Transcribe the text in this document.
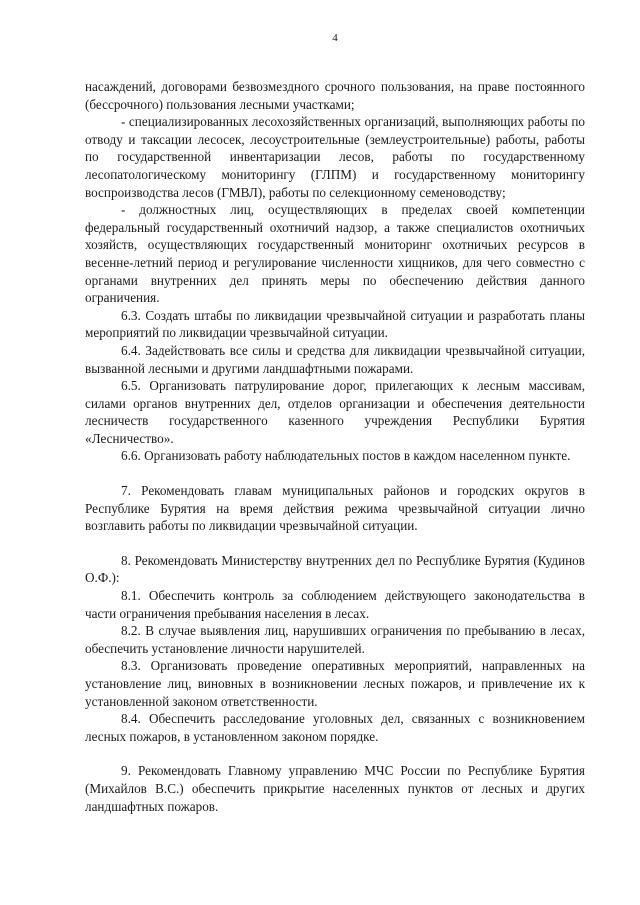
4

насаждений, договорами безвозмездного срочного пользования, на праве постоянного (бессрочного) пользования лесными участками;

- специализированных лесохозяйственных организаций, выполняющих работы по отводу и таксации лесосек, лесоустроительные (землеустроительные) работы, работы по государственной инвентаризации лесов, работы по государственному лесопатологическому мониторингу (ГЛПМ) и государственному мониторингу воспроизводства лесов (ГМВЛ), работы по селекционному семеноводству;

- должностных лиц, осуществляющих в пределах своей компетенции федеральный государственный охотничий надзор, а также специалистов охотничьих хозяйств, осуществляющих государственный мониторинг охотничьих ресурсов в весенне-летний период и регулирование численности хищников, для чего совместно с органами внутренних дел принять меры по обеспечению действия данного ограничения.

6.3. Создать штабы по ликвидации чрезвычайной ситуации и разработать планы мероприятий по ликвидации чрезвычайной ситуации.

6.4. Задействовать все силы и средства для ликвидации чрезвычайной ситуации, вызванной лесными и другими ландшафтными пожарами.

6.5. Организовать патрулирование дорог, прилегающих к лесным массивам, силами органов внутренних дел, отделов организации и обеспечения деятельности лесничеств государственного казенного учреждения Республики Бурятия «Лесничество».

6.6. Организовать работу наблюдательных постов в каждом населенном пункте.

7. Рекомендовать главам муниципальных районов и городских округов в Республике Бурятия на время действия режима чрезвычайной ситуации лично возглавить работы по ликвидации чрезвычайной ситуации.

8. Рекомендовать Министерству внутренних дел по Республике Бурятия (Кудинов О.Ф.):

8.1. Обеспечить контроль за соблюдением действующего законодательства в части ограничения пребывания населения в лесах.

8.2. В случае выявления лиц, нарушивших ограничения по пребыванию в лесах, обеспечить установление личности нарушителей.

8.3. Организовать проведение оперативных мероприятий, направленных на установление лиц, виновных в возникновении лесных пожаров, и привлечение их к установленной законом ответственности.

8.4. Обеспечить расследование уголовных дел, связанных с возникновением лесных пожаров, в установленном законом порядке.

9. Рекомендовать Главному управлению МЧС России по Республике Бурятия (Михайлов В.С.) обеспечить прикрытие населенных пунктов от лесных и других ландшафтных пожаров.
